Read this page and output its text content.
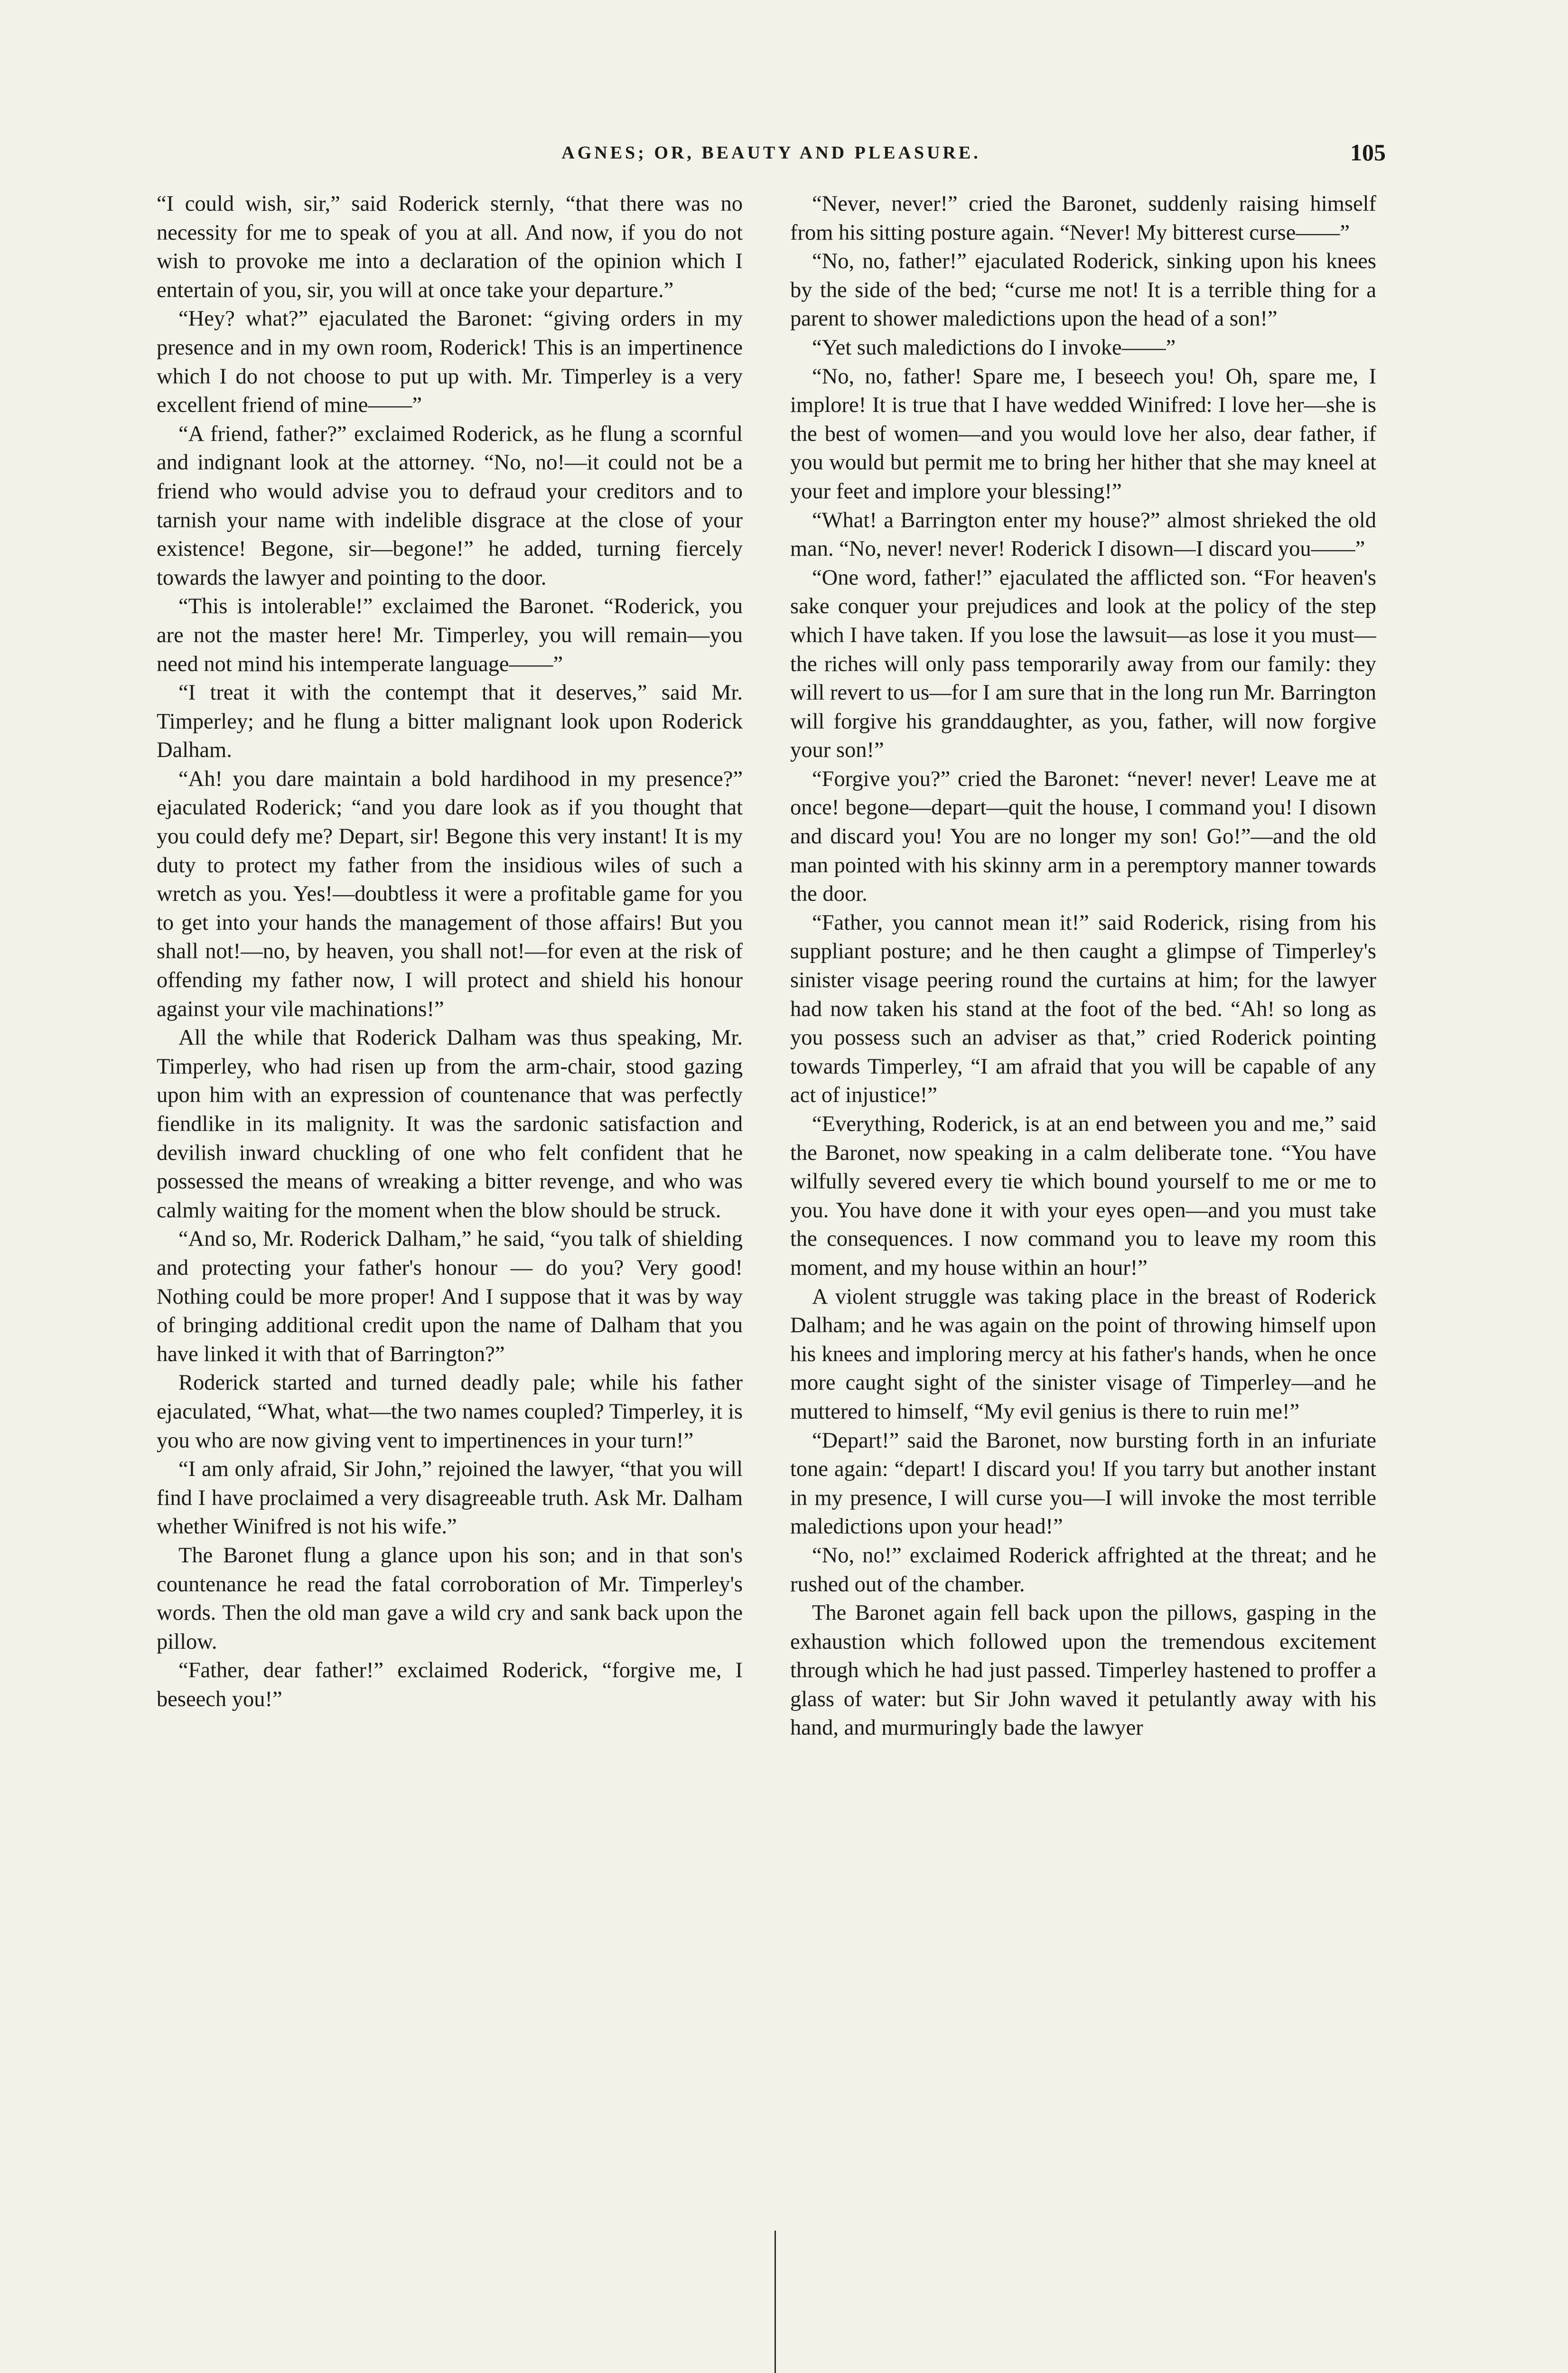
AGNES; OR, BEAUTY AND PLEASURE.	105

“I could wish, sir,” said Roderick sternly, “that there was no necessity for me to speak of you at all. And now, if you do not wish to provoke me into a declaration of the opinion which I entertain of you, sir, you will at once take your departure.”

“Hey? what?” ejaculated the Baronet: “giving orders in my presence and in my own room, Roderick! This is an impertinence which I do not choose to put up with. Mr. Timperley is a very excellent friend of mine——”

“A friend, father?” exclaimed Roderick, as he flung a scornful and indignant look at the attorney. “No, no!—it could not be a friend who would advise you to defraud your creditors and to tarnish your name with indelible disgrace at the close of your existence! Begone, sir—begone!” he added, turning fiercely towards the lawyer and pointing to the door.

“This is intolerable!” exclaimed the Baronet. “Roderick, you are not the master here! Mr. Timperley, you will remain—you need not mind his intemperate language——”

“I treat it with the contempt that it deserves,” said Mr. Timperley; and he flung a bitter malignant look upon Roderick Dalham.

“Ah! you dare maintain a bold hardihood in my presence?” ejaculated Roderick; “and you dare look as if you thought that you could defy me? Depart, sir! Begone this very instant! It is my duty to protect my father from the insidious wiles of such a wretch as you. Yes!—doubtless it were a profitable game for you to get into your hands the management of those affairs! But you shall not!—no, by heaven, you shall not!—for even at the risk of offending my father now, I will protect and shield his honour against your vile machinations!”

All the while that Roderick Dalham was thus speaking, Mr. Timperley, who had risen up from the arm-chair, stood gazing upon him with an expression of countenance that was perfectly fiendlike in its malignity. It was the sardonic satisfaction and devilish inward chuckling of one who felt confident that he possessed the means of wreaking a bitter revenge, and who was calmly waiting for the moment when the blow should be struck.

“And so, Mr. Roderick Dalham,” he said, “you talk of shielding and protecting your father's honour — do you? Very good! Nothing could be more proper! And I suppose that it was by way of bringing additional credit upon the name of Dalham that you have linked it with that of Barrington?”

Roderick started and turned deadly pale; while his father ejaculated, “What, what—the two names coupled? Timperley, it is you who are now giving vent to impertinences in your turn!”

“I am only afraid, Sir John,” rejoined the lawyer, “that you will find I have proclaimed a very disagreeable truth. Ask Mr. Dalham whether Winifred is not his wife.”

The Baronet flung a glance upon his son; and in that son's countenance he read the fatal corroboration of Mr. Timperley's words. Then the old man gave a wild cry and sank back upon the pillow.

“Father, dear father!” exclaimed Roderick, “forgive me, I beseech you!”

“Never, never!” cried the Baronet, suddenly raising himself from his sitting posture again. “Never! My bitterest curse——”

“No, no, father!” ejaculated Roderick, sinking upon his knees by the side of the bed; “curse me not! It is a terrible thing for a parent to shower maledictions upon the head of a son!”

“Yet such maledictions do I invoke——”

“No, no, father! Spare me, I beseech you! Oh, spare me, I implore! It is true that I have wedded Winifred: I love her—she is the best of women—and you would love her also, dear father, if you would but permit me to bring her hither that she may kneel at your feet and implore your blessing!”

“What! a Barrington enter my house?” almost shrieked the old man. “No, never! never! Roderick I disown—I discard you——”

“One word, father!” ejaculated the afflicted son. “For heaven's sake conquer your prejudices and look at the policy of the step which I have taken. If you lose the lawsuit—as lose it you must—the riches will only pass temporarily away from our family: they will revert to us—for I am sure that in the long run Mr. Barrington will forgive his granddaughter, as you, father, will now forgive your son!”

“Forgive you?” cried the Baronet: “never! never! Leave me at once! begone—depart—quit the house, I command you! I disown and discard you! You are no longer my son! Go!”—and the old man pointed with his skinny arm in a peremptory manner towards the door.

“Father, you cannot mean it!” said Roderick, rising from his suppliant posture; and he then caught a glimpse of Timperley's sinister visage peering round the curtains at him; for the lawyer had now taken his stand at the foot of the bed. “Ah! so long as you possess such an adviser as that,” cried Roderick pointing towards Timperley, “I am afraid that you will be capable of any act of injustice!”

“Everything, Roderick, is at an end between you and me,” said the Baronet, now speaking in a calm deliberate tone. “You have wilfully severed every tie which bound yourself to me or me to you. You have done it with your eyes open—and you must take the consequences. I now command you to leave my room this moment, and my house within an hour!”

A violent struggle was taking place in the breast of Roderick Dalham; and he was again on the point of throwing himself upon his knees and imploring mercy at his father's hands, when he once more caught sight of the sinister visage of Timperley—and he muttered to himself, “My evil genius is there to ruin me!”

“Depart!” said the Baronet, now bursting forth in an infuriate tone again: “depart! I discard you! If you tarry but another instant in my presence, I will curse you—I will invoke the most terrible maledictions upon your head!”

“No, no!” exclaimed Roderick affrighted at the threat; and he rushed out of the chamber.

The Baronet again fell back upon the pillows, gasping in the exhaustion which followed upon the tremendous excitement through which he had just passed. Timperley hastened to proffer a glass of water: but Sir John waved it petulantly away with his hand, and murmuringly bade the lawyer
